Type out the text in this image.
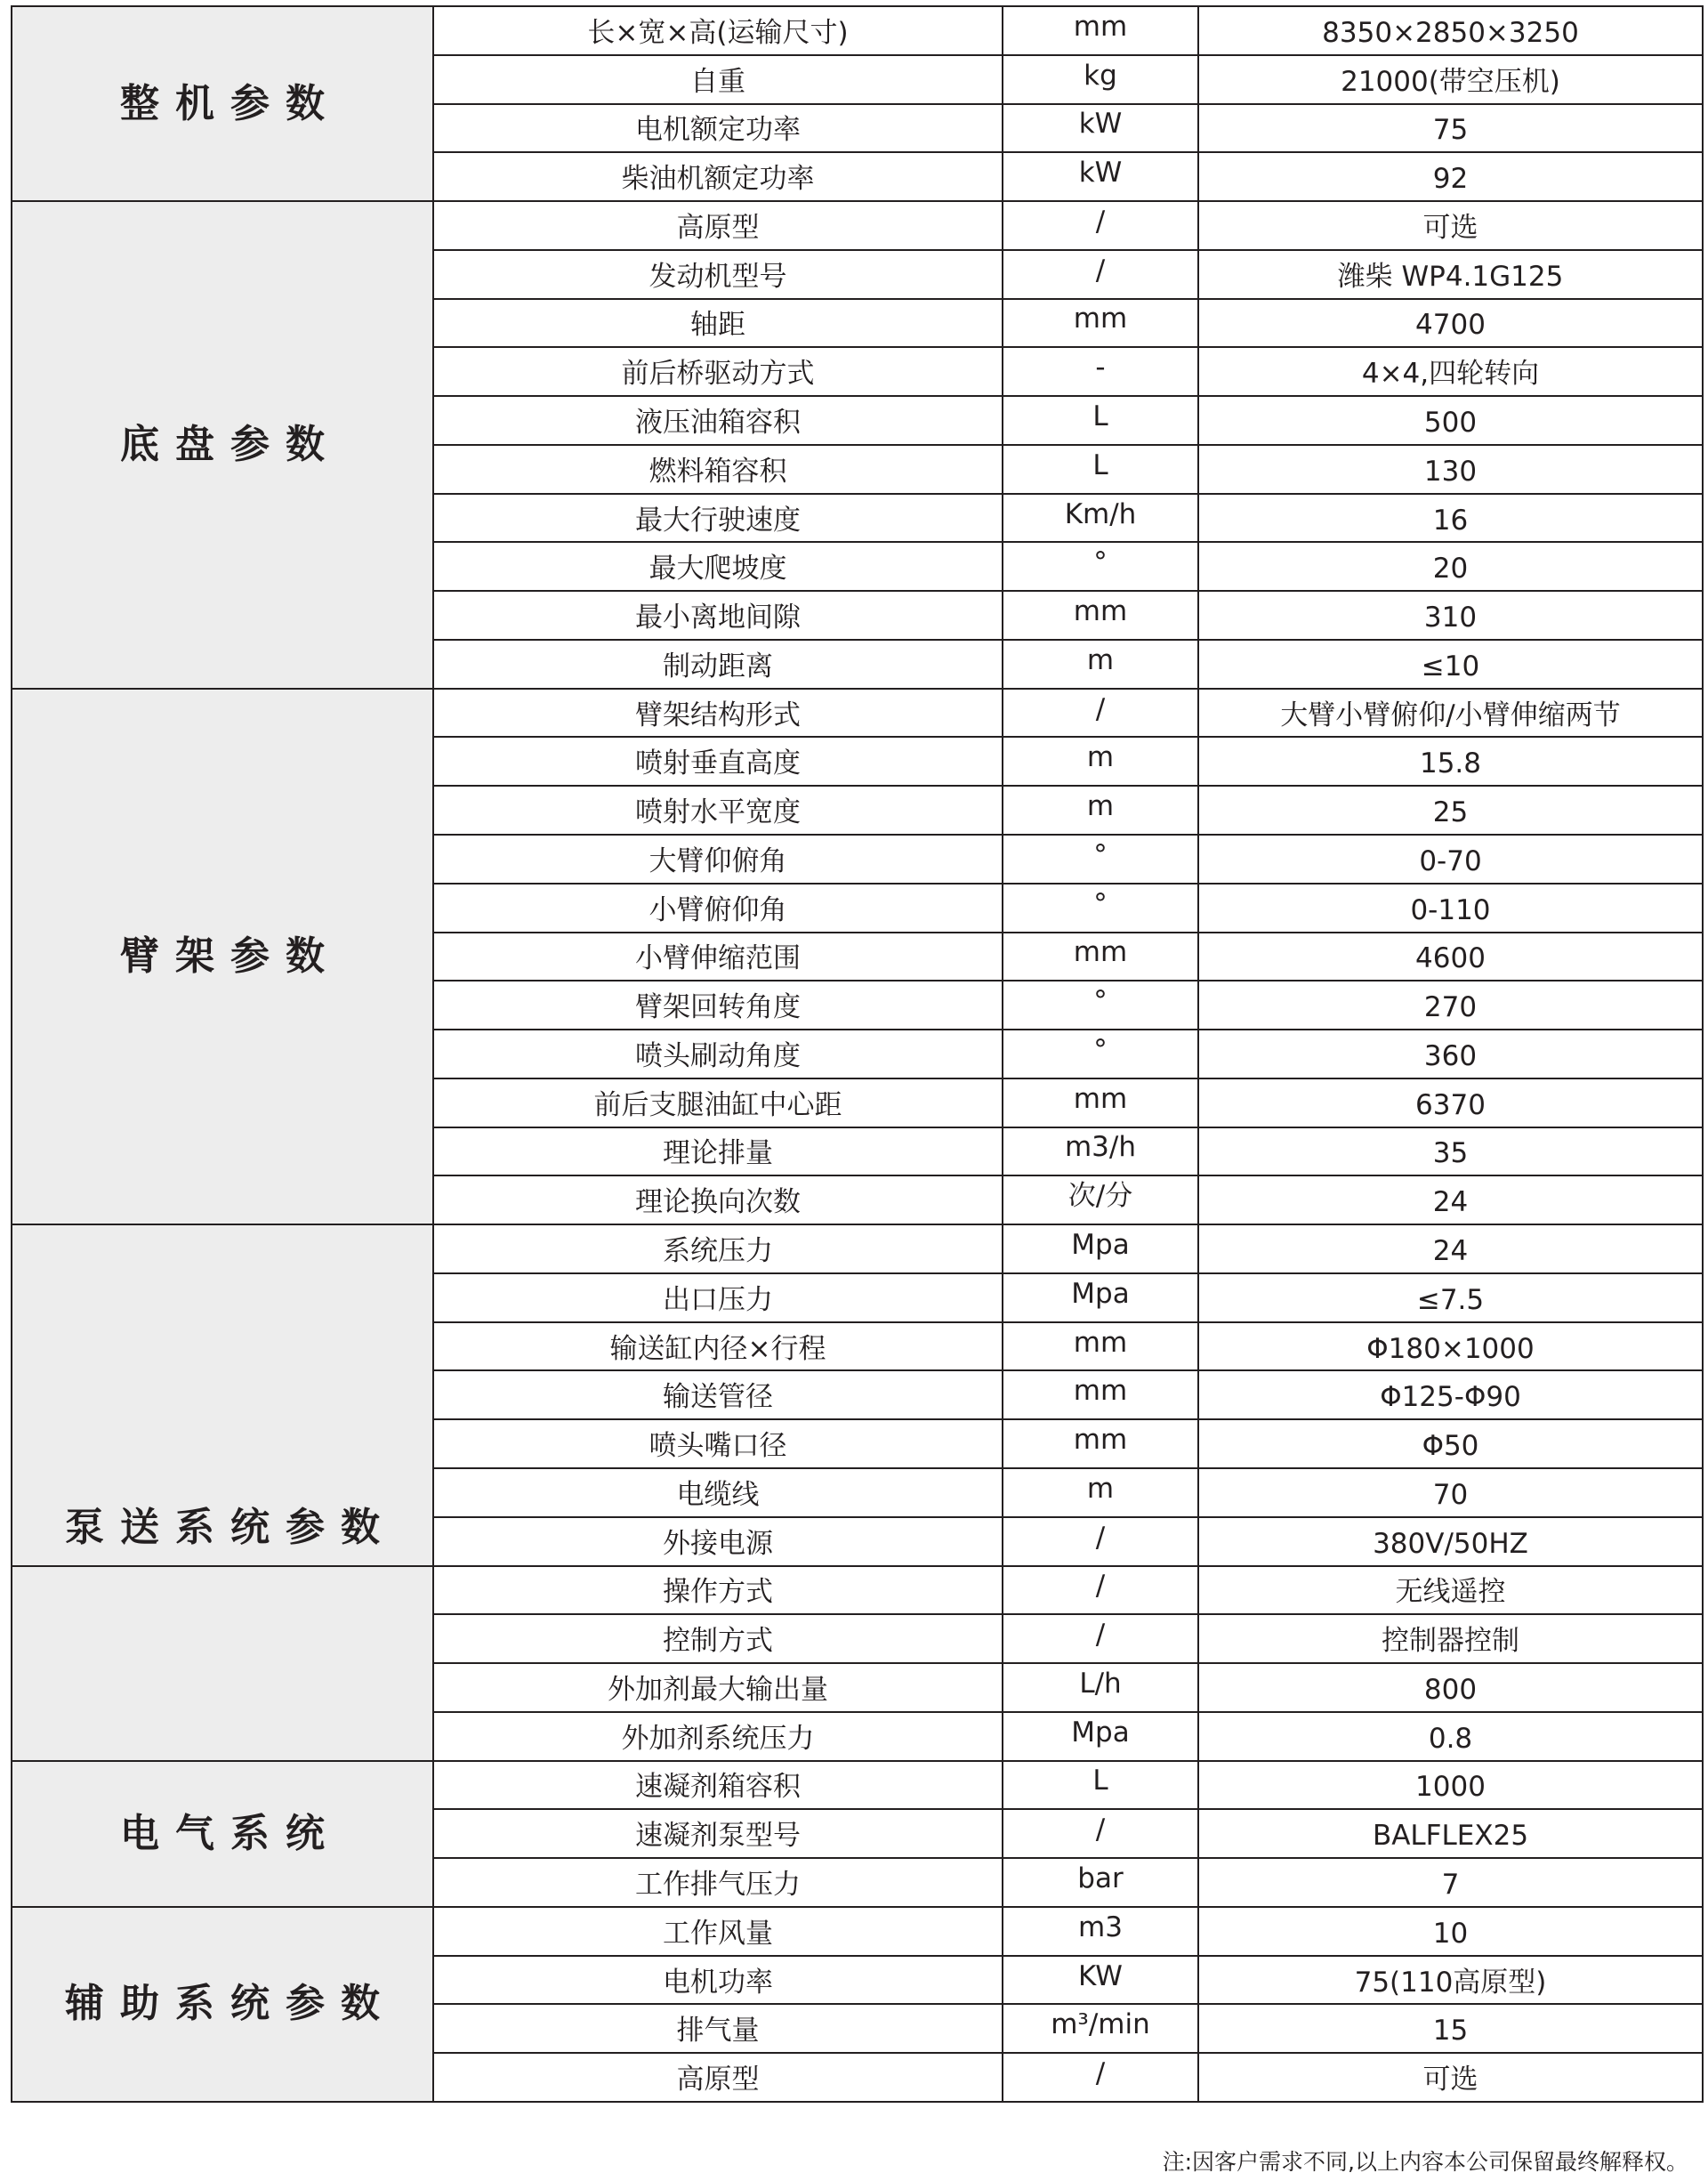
整机参数	长×宽×高(运输尺寸)	mm	8350×2850×3250
	自重	kg	21000(带空压机)
	电机额定功率	kW	75
	柴油机额定功率	kW	92
底盘参数	高原型	/	可选
	发动机型号	/	潍柴 WP4.1G125
	轴距	mm	4700
	前后桥驱动方式	-	4×4,四轮转向
	液压油箱容积	L	500
	燃料箱容积	L	130
	最大行驶速度	Km/h	16
	最大爬坡度	°	20
	最小离地间隙	mm	310
	制动距离	m	≤10
臂架参数	臂架结构形式	/	大臂小臂俯仰/小臂伸缩两节
	喷射垂直高度	m	15.8
	喷射水平宽度	m	25
	大臂仰俯角	°	0-70
	小臂俯仰角	°	0-110
	小臂伸缩范围	mm	4600
	臂架回转角度	°	270
	喷头刷动角度	°	360
	前后支腿油缸中心距	mm	6370
	理论排量	m3/h	35
	理论换向次数	次/分	24
泵送系统参数	系统压力	Mpa	24
	出口压力	Mpa	≤7.5
	输送缸内径×行程	mm	Φ180×1000
	输送管径	mm	Φ125-Φ90
	喷头嘴口径	mm	Φ50
	电缆线	m	70
	外接电源	/	380V/50HZ
	操作方式	/	无线遥控
	控制方式	/	控制器控制
	外加剂最大输出量	L/h	800
	外加剂系统压力	Mpa	0.8
电气系统	速凝剂箱容积	L	1000
	速凝剂泵型号	/	BALFLEX25
	工作排气压力	bar	7
辅助系统参数	工作风量	m3	10
	电机功率	KW	75(110高原型)
	排气量	m³/min	15
	高原型	/	可选
注:因客户需求不同,以上内容本公司保留最终解释权。
